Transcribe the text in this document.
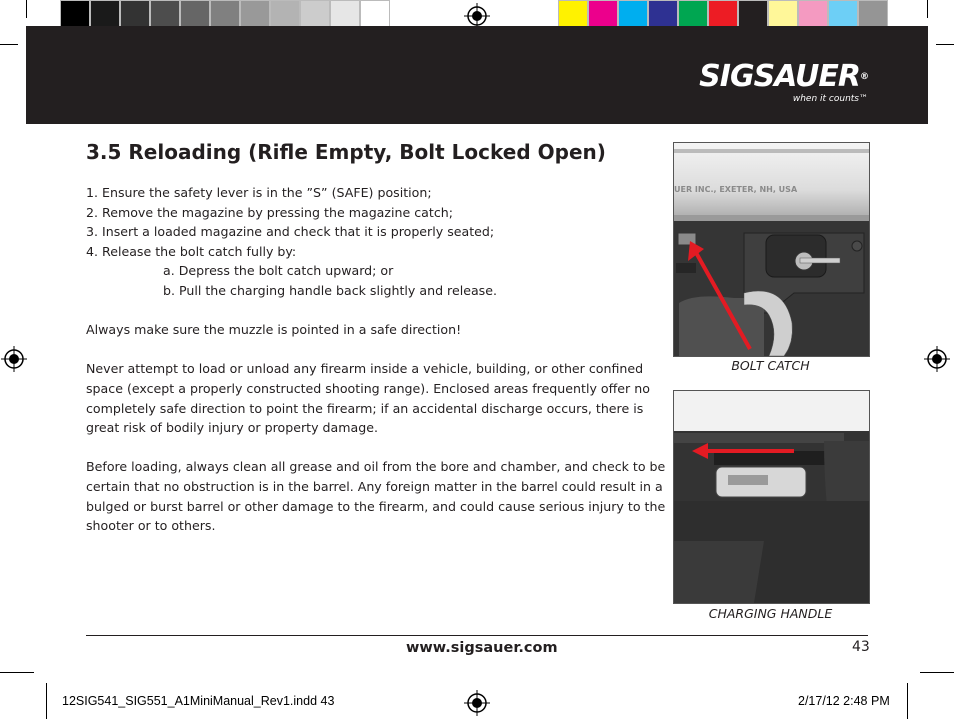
SIGSAUER®
when it counts™
3.5 Reloading (Rifle Empty, Bolt Locked Open)

1. Ensure the safety lever is in the ”S” (SAFE) position;

2. Remove the magazine by pressing the magazine catch;

3. Insert a loaded magazine and check that it is properly seated;

4. Release the bolt catch fully by:

a. Depress the bolt catch upward; or

b. Pull the charging handle back slightly and release.

Always make sure the muzzle is pointed in a safe direction!

Never attempt to load or unload any firearm inside a vehicle, building, or other confined space (except a properly constructed shooting range). Enclosed areas frequently offer no completely safe direction to point the firearm; if an accidental discharge occurs, there is great risk of bodily injury or property damage.

Before loading, always clean all grease and oil from the bore and chamber, and check to be certain that no obstruction is in the barrel. Any foreign matter in the barrel could result in a bulged or burst barrel or other damage to the firearm, and could cause serious injury to the shooter or to others.

UER INC., EXETER, NH, USA
BOLT CATCH
CHARGING HANDLE
www.sigsauer.com	43
12SIG541_SIG551_A1MiniManual_Rev1.indd 43	2/17/12 2:48 PM
